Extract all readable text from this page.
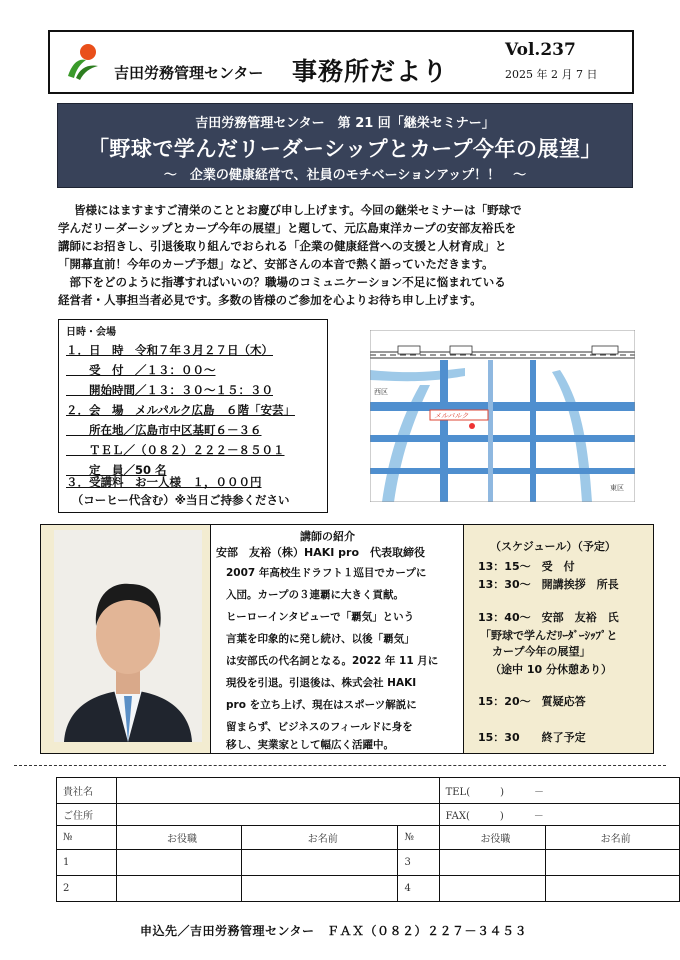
吉田労務管理センター 事務所だより
Vol.237
2025 年 2 月 7 日
吉田労務管理センター　第 21 回「継栄セミナー」
「野球で学んだリーダーシップとカープ今年の展望」
～　企業の健康経営で、社員のモチベーションアップ！！　～
皆様にはますますご清栄のこととお慶び申し上げます。今回の継栄セミナーは「野球で
学んだリーダーシップとカープ今年の展望」と題して、元広島東洋カープの安部友裕氏を
講師にお招きし、引退後取り組んでおられる「企業の健康経営への支援と人材育成」と
「開幕直前！今年のカープ予想」など、安部さんの本音で熱く語っていただきます。
　部下をどのように指導すればいいの？職場のコミュニケーション不足に悩まれている
経営者・人事担当者必見です。多数の皆様のご参加を心よりお待ち申し上げます。
日時・会場
１．日　時　令和７年３月２７日（木）
　　受　付　／１３：００～
　　開始時間／１３：３０～１５：３０
２．会　場　メルパルク広島　６階「安芸」
　　所在地／広島市中区基町６－３６
　　ＴＥＬ／（０８２）２２２－８５０１
　　定　員／50 名
３．受講料　お一人様　１，０００円
　（コーヒー代含む）※当日ご持参ください
メルパルク
西区
東区
講師の紹介
安部　友裕（株）HAKI pro　代表取締役
2007 年高校生ドラフト１巡目でカープに
入団。カープの３連覇に大きく貢献。
ヒーローインタビューで「覇気」という
言葉を印象的に発し続け、以後「覇気」
は安部氏の代名詞となる。2022 年 11 月に
現役を引退。引退後は、株式会社 HAKI
pro を立ち上げ、現在はスポーツ解説に
留まらず、ビジネスのフィールドに身を
移し、実業家として幅広く活躍中。
（スケジュール）（予定）
13：15～　受　付
13：30～　開講挨拶　所長
13：40～　安部　友裕　氏
「野球で学んだﾘｰﾀﾞｰｼｯﾌﾟと
カープ今年の展望」
（途中 10 分休憩あり）
15：20～　質疑応答
15：30　　終了予定
貴社名				TEL(　　　)　　　－	
ご住所				FAX(　　　)　　　－	
№	お役職	お名前	№	お役職	お名前
1			3		
2			4		
申込先／吉田労務管理センター　ＦＡＸ（０８２）２２７－３４５３
